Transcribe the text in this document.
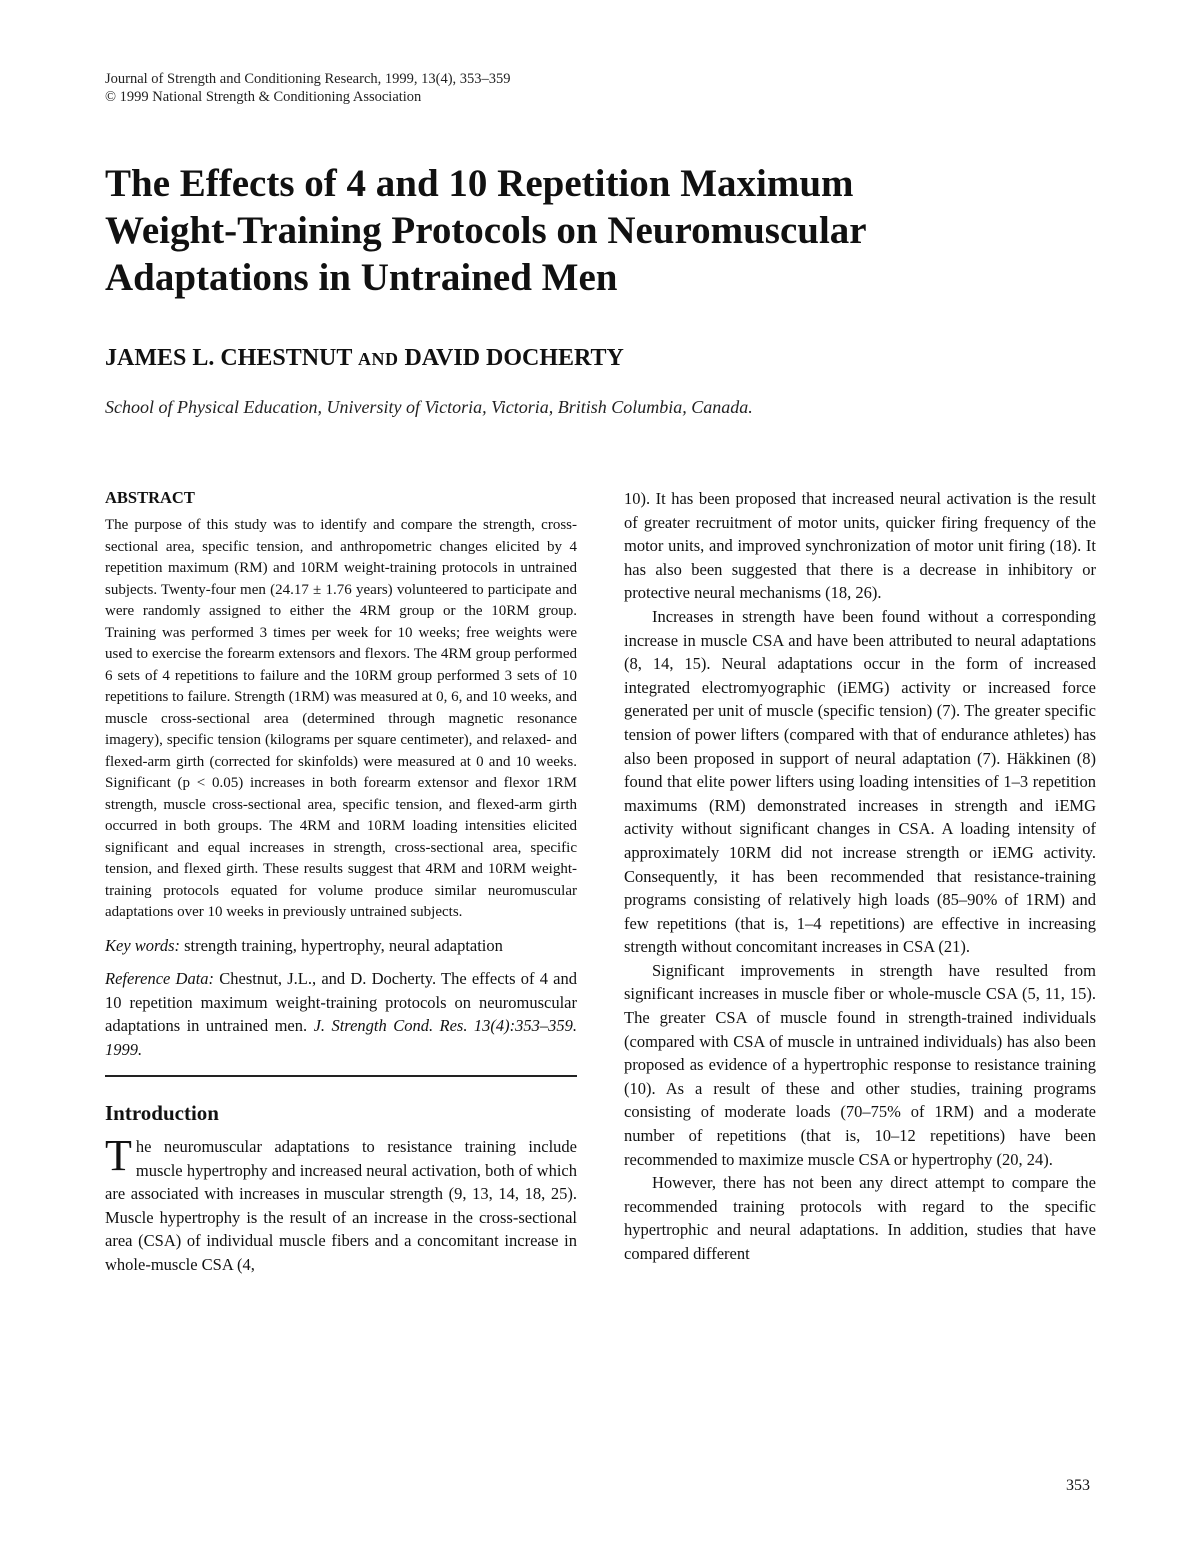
Journal of Strength and Conditioning Research, 1999, 13(4), 353–359
© 1999 National Strength & Conditioning Association
The Effects of 4 and 10 Repetition Maximum
Weight-Training Protocols on Neuromuscular
Adaptations in Untrained Men
JAMES L. CHESTNUT AND DAVID DOCHERTY
School of Physical Education, University of Victoria, Victoria, British Columbia, Canada.
ABSTRACT

The purpose of this study was to identify and compare the strength, cross-sectional area, specific tension, and anthropometric changes elicited by 4 repetition maximum (RM) and 10RM weight-training protocols in untrained subjects. Twenty-four men (24.17 ± 1.76 years) volunteered to participate and were randomly assigned to either the 4RM group or the 10RM group. Training was performed 3 times per week for 10 weeks; free weights were used to exercise the forearm extensors and flexors. The 4RM group performed 6 sets of 4 repetitions to failure and the 10RM group performed 3 sets of 10 repetitions to failure. Strength (1RM) was measured at 0, 6, and 10 weeks, and muscle cross-sectional area (determined through magnetic resonance imagery), specific tension (kilograms per square centimeter), and relaxed- and flexed-arm girth (corrected for skinfolds) were measured at 0 and 10 weeks. Significant (p < 0.05) increases in both forearm extensor and flexor 1RM strength, muscle cross-sectional area, specific tension, and flexed-arm girth occurred in both groups. The 4RM and 10RM loading intensities elicited significant and equal increases in strength, cross-sectional area, specific tension, and flexed girth. These results suggest that 4RM and 10RM weight-training protocols equated for volume produce similar neuromuscular adaptations over 10 weeks in previously untrained subjects.

Key words: strength training, hypertrophy, neural adaptation

Reference Data: Chestnut, J.L., and D. Docherty. The effects of 4 and 10 repetition maximum weight-training protocols on neuromuscular adaptations in untrained men. J. Strength Cond. Res. 13(4):353–359. 1999.

Introduction

The neuromuscular adaptations to resistance training include muscle hypertrophy and increased neural activation, both of which are associated with increases in muscular strength (9, 13, 14, 18, 25). Muscle hypertrophy is the result of an increase in the cross-sectional area (CSA) of individual muscle fibers and a concomitant increase in whole-muscle CSA (4,

10). It has been proposed that increased neural activation is the result of greater recruitment of motor units, quicker firing frequency of the motor units, and improved synchronization of motor unit firing (18). It has also been suggested that there is a decrease in inhibitory or protective neural mechanisms (18, 26).

Increases in strength have been found without a corresponding increase in muscle CSA and have been attributed to neural adaptations (8, 14, 15). Neural adaptations occur in the form of increased integrated electromyographic (iEMG) activity or increased force generated per unit of muscle (specific tension) (7). The greater specific tension of power lifters (compared with that of endurance athletes) has also been proposed in support of neural adaptation (7). Häkkinen (8) found that elite power lifters using loading intensities of 1–3 repetition maximums (RM) demonstrated increases in strength and iEMG activity without significant changes in CSA. A loading intensity of approximately 10RM did not increase strength or iEMG activity. Consequently, it has been recommended that resistance-training programs consisting of relatively high loads (85–90% of 1RM) and few repetitions (that is, 1–4 repetitions) are effective in increasing strength without concomitant increases in CSA (21).

Significant improvements in strength have resulted from significant increases in muscle fiber or whole-muscle CSA (5, 11, 15). The greater CSA of muscle found in strength-trained individuals (compared with CSA of muscle in untrained individuals) has also been proposed as evidence of a hypertrophic response to resistance training (10). As a result of these and other studies, training programs consisting of moderate loads (70–75% of 1RM) and a moderate number of repetitions (that is, 10–12 repetitions) have been recommended to maximize muscle CSA or hypertrophy (20, 24).

However, there has not been any direct attempt to compare the recommended training protocols with regard to the specific hypertrophic and neural adaptations. In addition, studies that have compared different

353
